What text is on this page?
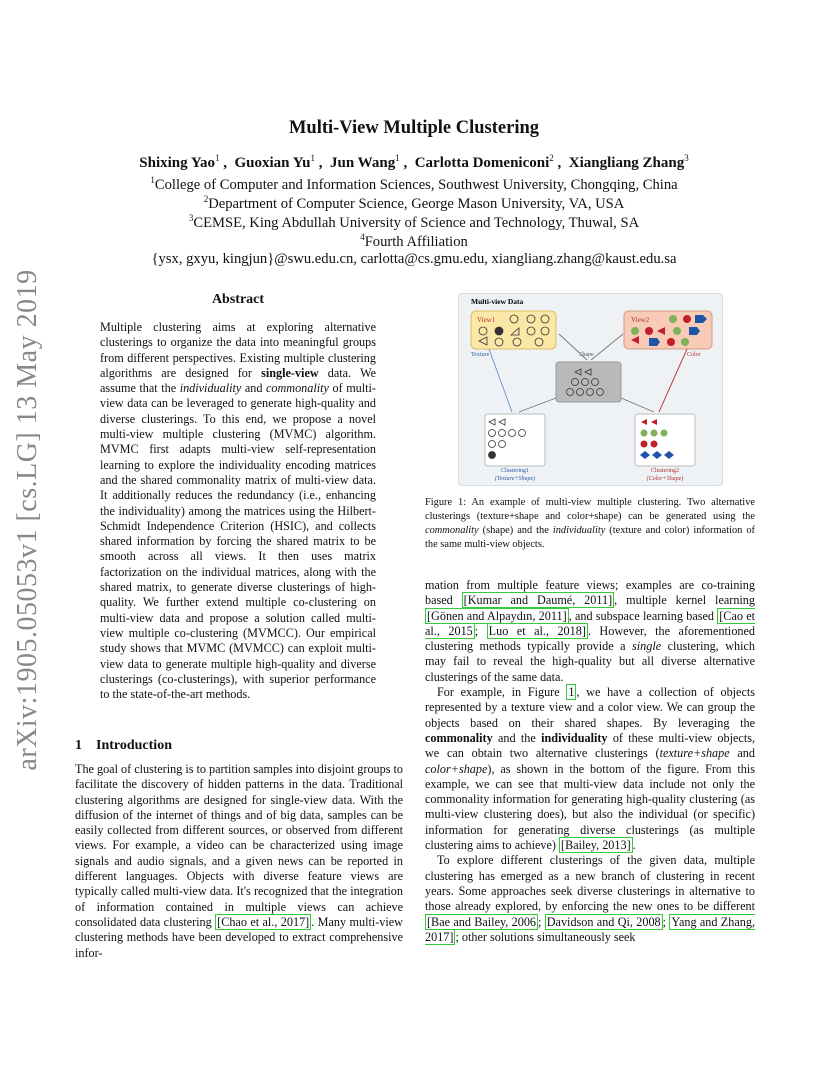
arXiv:1905.05053v1 [cs.LG] 13 May 2019
Multi-View Multiple Clustering
Shixing Yao$^1$ ,  Guoxian Yu$^1$ ,  Jun Wang$^1$ ,  Carlotta Domeniconi$^2$ ,  Xiangliang Zhang$^3$
$^1$College of Computer and Information Sciences, Southwest University, Chongqing, China
$^2$Department of Computer Science, George Mason University, VA, USA
$^3$CEMSE, King Abdullah University of Science and Technology, Thuwal, SA
$^4$Fourth Affiliation
{ysx, gxyu, kingjun}@swu.edu.cn, carlotta@cs.gmu.edu, xiangliang.zhang@kaust.edu.sa
Abstract
Multiple clustering aims at exploring alternative clusterings to organize the data into meaningful groups from different perspectives. Existing multiple clustering algorithms are designed for single-view data. We assume that the individuality and commonality of multi-view data can be leveraged to generate high-quality and diverse clusterings. To this end, we propose a novel multi-view multiple clustering (MVMC) algorithm. MVMC first adapts multi-view self-representation learning to explore the individuality encoding matrices and the shared commonality matrix of multi-view data. It additionally reduces the redundancy (i.e., enhancing the individuality) among the matrices using the Hilbert-Schmidt Independence Criterion (HSIC), and collects shared information by forcing the shared matrix to be smooth across all views. It then uses matrix factorization on the individual matrices, along with the shared matrix, to generate diverse clusterings of high-quality. We further extend multiple co-clustering on multi-view data and propose a solution called multi-view multiple co-clustering (MVMCC). Our empirical study shows that MVMC (MVMCC) can exploit multi-view data to generate multiple high-quality and diverse clusterings (co-clusterings), with superior performance to the state-of-the-art methods.
1 Introduction
The goal of clustering is to partition samples into disjoint groups to facilitate the discovery of hidden patterns in the data. Traditional clustering algorithms are designed for single-view data. With the diffusion of the internet of things and of big data, samples can be easily collected from different sources, or observed from different views. For example, a video can be characterized using image signals and audio signals, and a given news can be reported in different languages. Objects with diverse feature views are typically called multi-view data. It's recognized that the integration of information contained in multiple views can achieve consolidated data clustering [Chao et al., 2017] . Many multi-view clustering methods have been developed to extract comprehensive infor-
Multi-view Data
View1	View2
Texture	Shape	Color
Clustering1
(Texture+Shape)
Clustering2
(Color+Shape)
Figure 1: An example of multi-view multiple clustering. Two alternative clusterings (texture+shape and color+shape) can be generated using the commonality (shape) and the individuality (texture and color) information of the same multi-view objects.

mation from multiple feature views; examples are co-training based [Kumar and Daumé, 2011] , multiple kernel learning [Gönen and Alpaydın, 2011] , and subspace learning based [Cao et al., 2015 ; Luo et al., 2018] . However, the aforementioned clustering methods typically provide a single clustering, which may fail to reveal the high-quality but all diverse alternative clusterings of the same data.

For example, in Figure 1 , we have a collection of objects represented by a texture view and a color view. We can group the objects based on their shared shapes. By leveraging the commonality and the individuality of these multi-view objects, we can obtain two alternative clusterings (texture+shape and color+shape), as shown in the bottom of the figure. From this example, we can see that multi-view data include not only the commonality information for generating high-quality clustering (as multi-view clustering does), but also the individual (or specific) information for generating diverse clusterings (as multiple clustering aims to achieve) [Bailey, 2013] .

To explore different clusterings of the given data, multiple clustering has emerged as a new branch of clustering in recent years. Some approaches seek diverse clusterings in alternative to those already explored, by enforcing the new ones to be different [Bae and Bailey, 2006 ; Davidson and Qi, 2008 ; Yang and Zhang, 2017] ; other solutions simultaneously seek
